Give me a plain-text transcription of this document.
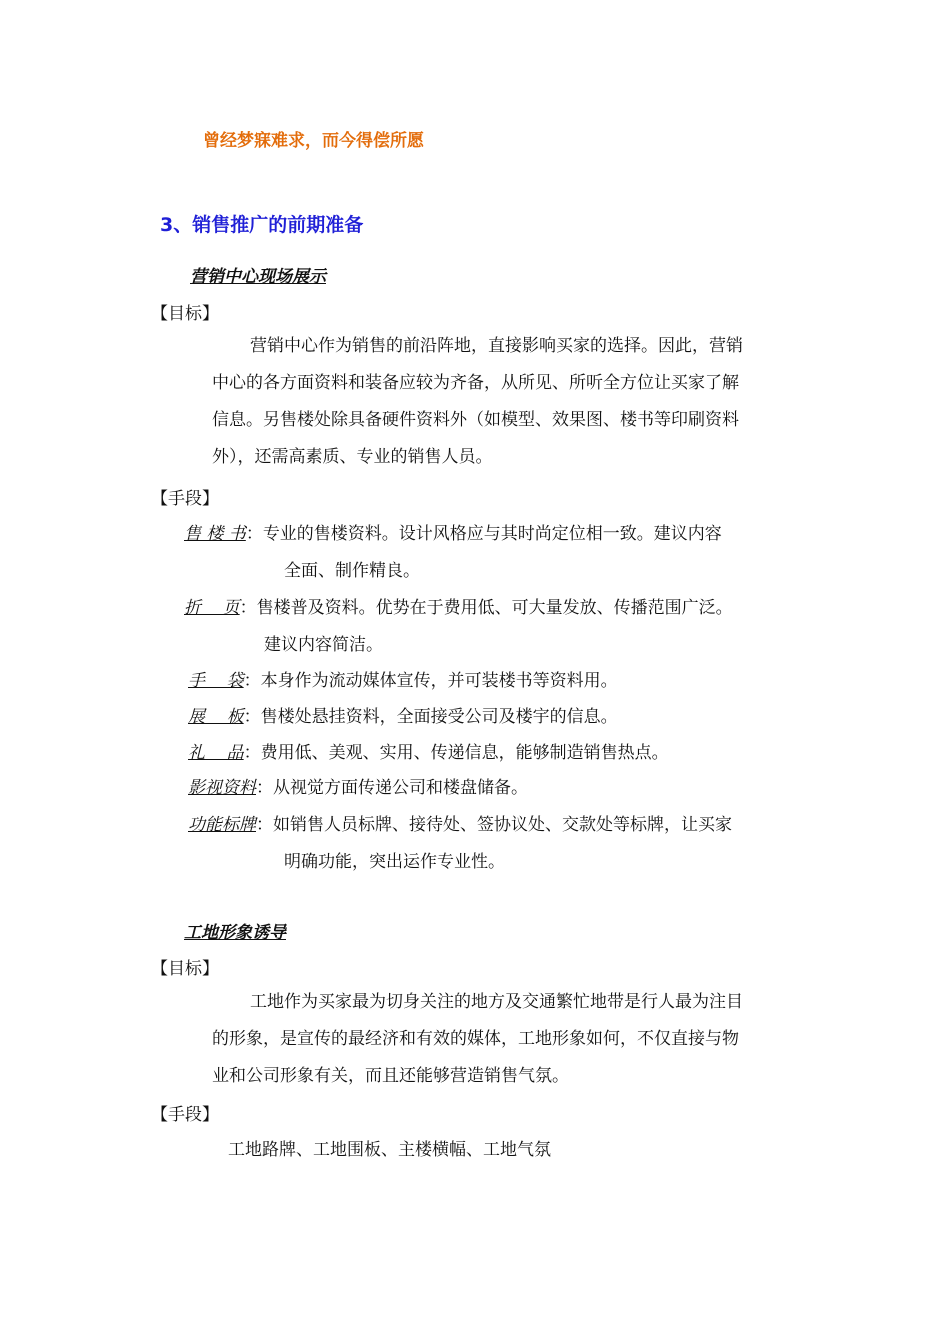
曾经梦寐难求，而今得偿所愿
3、销售推广的前期准备
营销中心现场展示
【目标】
营销中心作为销售的前沿阵地，直接影响买家的选择。因此，营销
中心的各方面资料和装备应较为齐备，从所见、所听全方位让买家了解
信息。另售楼处除具备硬件资料外（如模型、效果图、楼书等印刷资料
外），还需高素质、专业的销售人员。
【手段】
售 楼 书：专业的售楼资料。设计风格应与其时尚定位相一致。建议内容
全面、制作精良。
折    页：售楼普及资料。优势在于费用低、可大量发放、传播范围广泛。
建议内容简洁。
手    袋：本身作为流动媒体宣传，并可装楼书等资料用。
展    板：售楼处悬挂资料，全面接受公司及楼宇的信息。
礼    品：费用低、美观、实用、传递信息，能够制造销售热点。
影视资料：从视觉方面传递公司和楼盘储备。
功能标牌：如销售人员标牌、接待处、签协议处、交款处等标牌，让买家
明确功能，突出运作专业性。
工地形象诱导
【目标】
工地作为买家最为切身关注的地方及交通繁忙地带是行人最为注目
的形象，是宣传的最经济和有效的媒体，工地形象如何，不仅直接与物
业和公司形象有关，而且还能够营造销售气氛。
【手段】
工地路牌、工地围板、主楼横幅、工地气氛
